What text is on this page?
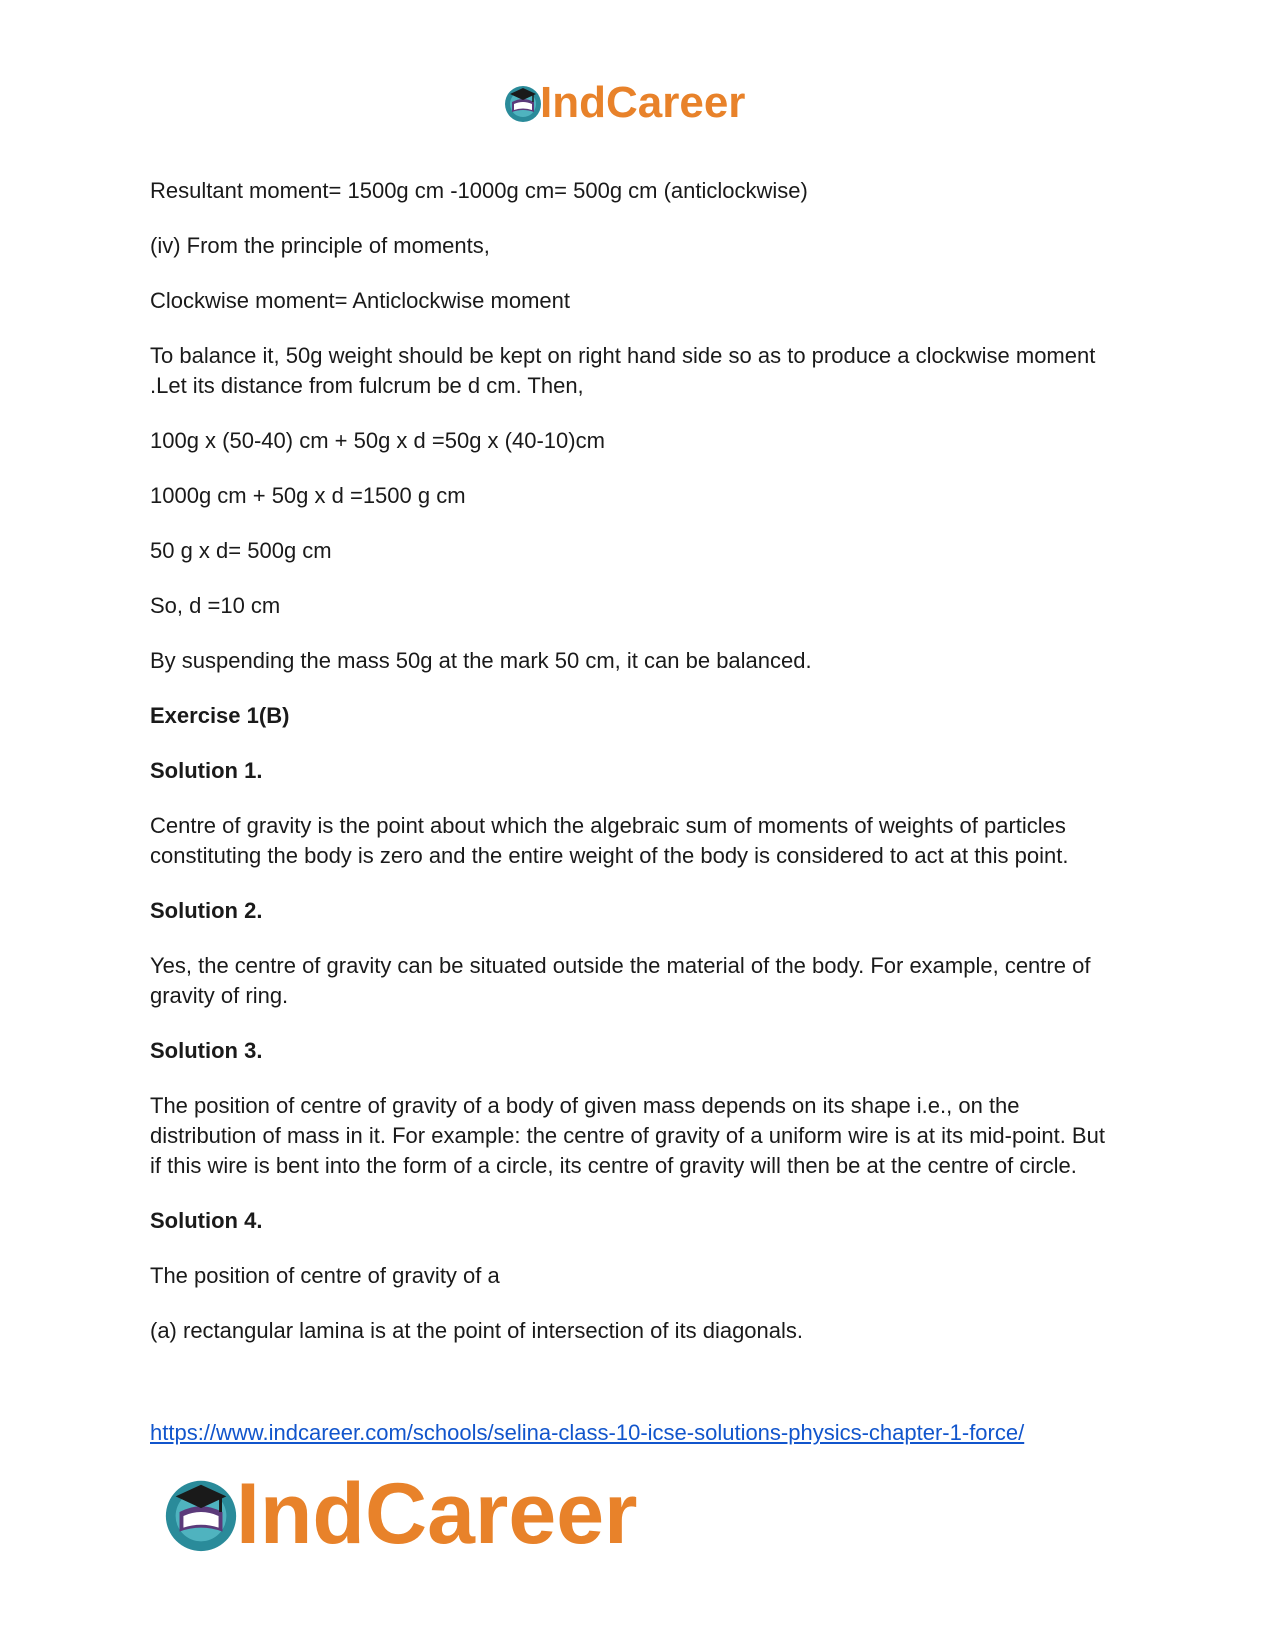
IndCareer

Resultant moment= 1500g cm -1000g cm= 500g cm (anticlockwise)

(iv) From the principle of moments,

Clockwise moment= Anticlockwise moment

To balance it, 50g weight should be kept on right hand side so as to produce a clockwise moment .Let its distance from fulcrum be d cm. Then,

100g x (50-40) cm + 50g x d =50g x (40-10)cm

1000g cm + 50g x d =1500 g cm

50 g x d= 500g cm

So, d =10 cm

By suspending the mass 50g at the mark 50 cm, it can be balanced.

Exercise 1(B)

Solution 1.

Centre of gravity is the point about which the algebraic sum of moments of weights of particles constituting the body is zero and the entire weight of the body is considered to act at this point.

Solution 2.

Yes, the centre of gravity can be situated outside the material of the body. For example, centre of gravity of ring.

Solution 3.

The position of centre of gravity of a body of given mass depends on its shape i.e., on the distribution of mass in it. For example: the centre of gravity of a uniform wire is at its mid-point. But if this wire is bent into the form of a circle, its centre of gravity will then be at the centre of circle.

Solution 4.

The position of centre of gravity of a

(a) rectangular lamina is at the point of intersection of its diagonals.

https://www.indcareer.com/schools/selina-class-10-icse-solutions-physics-chapter-1-force/
IndCareer
